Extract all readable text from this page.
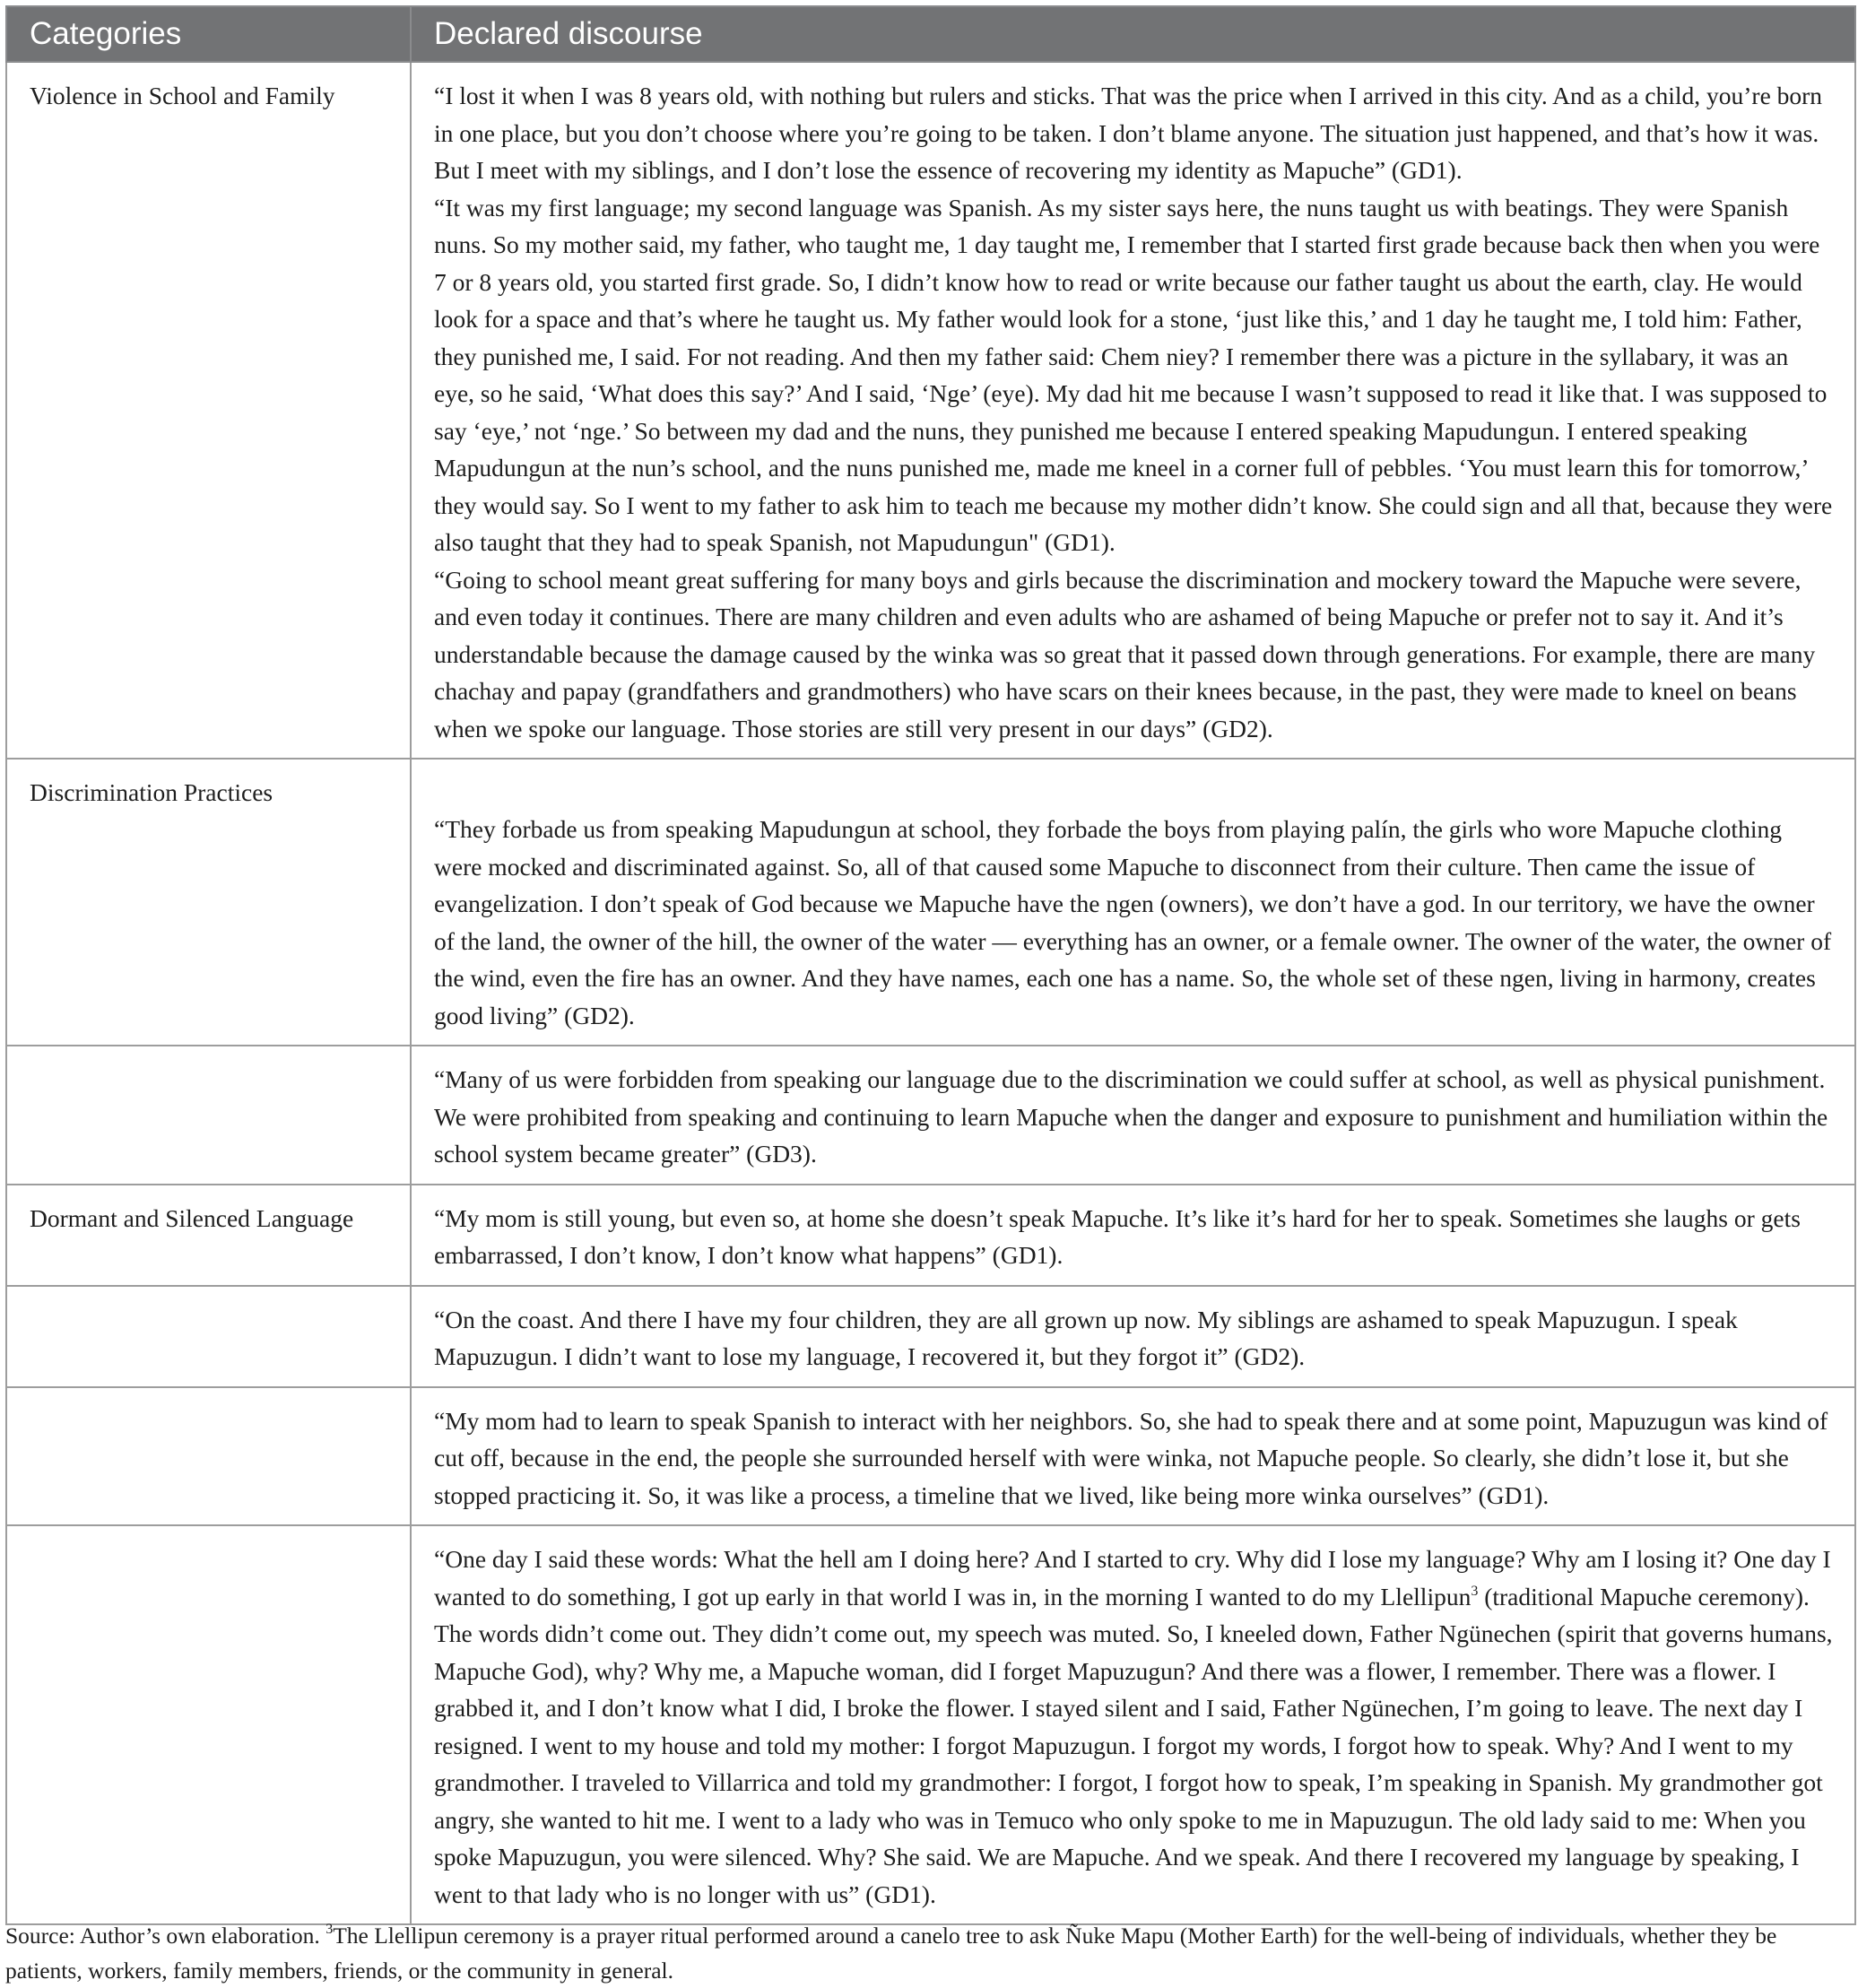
Categories	Declared discourse
Violence in School and Family	“I lost it when I was 8 years old, with nothing but rulers and sticks. That was the price when I arrived in this city. And as a child, you’re born in one place, but you don’t choose where you’re going to be taken. I don’t blame anyone. The situation just happened, and that’s how it was. But I meet with my siblings, and I don’t lose the essence of recovering my identity as Mapuche” (GD1).

“It was my first language; my second language was Spanish. As my sister says here, the nuns taught us with beatings. They were Spanish nuns. So my mother said, my father, who taught me, 1 day taught me, I remember that I started first grade because back then when you were 7 or 8 years old, you started first grade. So, I didn’t know how to read or write because our father taught us about the earth, clay. He would look for a space and that’s where he taught us. My father would look for a stone, ‘just like this,’ and 1 day he taught me, I told him: Father, they punished me, I said. For not reading. And then my father said: Chem niey? I remember there was a picture in the syllabary, it was an eye, so he said, ‘What does this say?’ And I said, ‘Nge’ (eye). My dad hit me because I wasn’t supposed to read it like that. I was supposed to say ‘eye,’ not ‘nge.’ So between my dad and the nuns, they punished me because I entered speaking Mapudungun. I entered speaking Mapudungun at the nun’s school, and the nuns punished me, made me kneel in a corner full of pebbles. ‘You must learn this for tomorrow,’ they would say. So I went to my father to ask him to teach me because my mother didn’t know. She could sign and all that, because they were also taught that they had to speak Spanish, not Mapudungun" (GD1).

“Going to school meant great suffering for many boys and girls because the discrimination and mockery toward the Mapuche were severe, and even today it continues. There are many children and even adults who are ashamed of being Mapuche or prefer not to say it. And it’s understandable because the damage caused by the winka was so great that it passed down through generations. For example, there are many chachay and papay (grandfathers and grandmothers) who have scars on their knees because, in the past, they were made to kneel on beans when we spoke our language. Those stories are still very present in our days” (GD2).

Discrimination Practices	“They forbade us from speaking Mapudungun at school, they forbade the boys from playing palín, the girls who wore Mapuche clothing were mocked and discriminated against. So, all of that caused some Mapuche to disconnect from their culture. Then came the issue of evangelization. I don’t speak of God because we Mapuche have the ngen (owners), we don’t have a god. In our territory, we have the owner of the land, the owner of the hill, the owner of the water — everything has an owner, or a female owner. The owner of the water, the owner of the wind, even the fire has an owner. And they have names, each one has a name. So, the whole set of these ngen, living in harmony, creates good living” (GD2).

	“Many of us were forbidden from speaking our language due to the discrimination we could suffer at school, as well as physical punishment. We were prohibited from speaking and continuing to learn Mapuche when the danger and exposure to punishment and humiliation within the school system became greater” (GD3).

Dormant and Silenced Language	“My mom is still young, but even so, at home she doesn’t speak Mapuche. It’s like it’s hard for her to speak. Sometimes she laughs or gets embarrassed, I don’t know, I don’t know what happens” (GD1).

	“On the coast. And there I have my four children, they are all grown up now. My siblings are ashamed to speak Mapuzugun. I speak Mapuzugun. I didn’t want to lose my language, I recovered it, but they forgot it” (GD2).

	“My mom had to learn to speak Spanish to interact with her neighbors. So, she had to speak there and at some point, Mapuzugun was kind of cut off, because in the end, the people she surrounded herself with were winka, not Mapuche people. So clearly, she didn’t lose it, but she stopped practicing it. So, it was like a process, a timeline that we lived, like being more winka ourselves” (GD1).

	“One day I said these words: What the hell am I doing here? And I started to cry. Why did I lose my language? Why am I losing it? One day I wanted to do something, I got up early in that world I was in, in the morning I wanted to do my Llellipun$^3$ (traditional Mapuche ceremony). The words didn’t come out. They didn’t come out, my speech was muted. So, I kneeled down, Father Ngünechen (spirit that governs humans, Mapuche God), why? Why me, a Mapuche woman, did I forget Mapuzugun? And there was a flower, I remember. There was a flower. I grabbed it, and I don’t know what I did, I broke the flower. I stayed silent and I said, Father Ngünechen, I’m going to leave. The next day I resigned. I went to my house and told my mother: I forgot Mapuzugun. I forgot my words, I forgot how to speak. Why? And I went to my grandmother. I traveled to Villarrica and told my grandmother: I forgot, I forgot how to speak, I’m speaking in Spanish. My grandmother got angry, she wanted to hit me. I went to a lady who was in Temuco who only spoke to me in Mapuzugun. The old lady said to me: When you spoke Mapuzugun, you were silenced. Why? She said. We are Mapuche. And we speak. And there I recovered my language by speaking, I went to that lady who is no longer with us” (GD1).

Source: Author’s own elaboration. $^3$The Llellipun ceremony is a prayer ritual performed around a canelo tree to ask Ñuke Mapu (Mother Earth) for the well-being of individuals, whether they be patients, workers, family members, friends, or the community in general.
